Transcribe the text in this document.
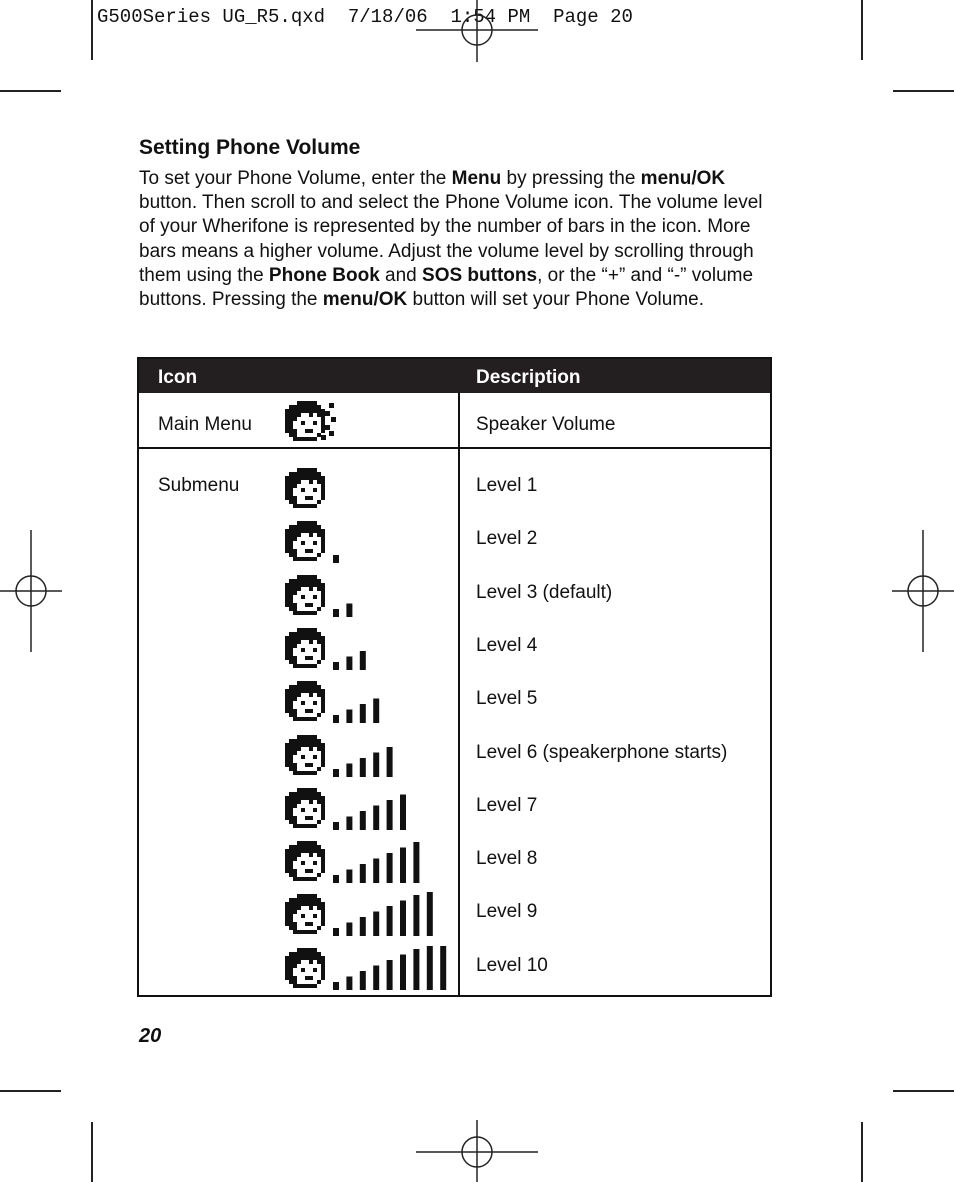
G500Series UG_R5.qxd  7/18/06  1:54 PM  Page 20
Setting Phone Volume
To set your Phone Volume, enter the Menu by pressing the menu/OK button. Then scroll to and select the Phone Volume icon. The volume level of your Wherifone is represented by the number of bars in the icon. More bars means a higher volume. Adjust the volume level by scrolling through them using the Phone Book and SOS buttons, or the “+” and “-” volume buttons. Pressing the menu/OK button will set your Phone Volume.
Icon	Description
Main Menu	Speaker Volume
Submenu	Level 1
Level 2
Level 3 (default)
Level 4
Level 5
Level 6 (speakerphone starts)
Level 7
Level 8
Level 9
Level 10
20
